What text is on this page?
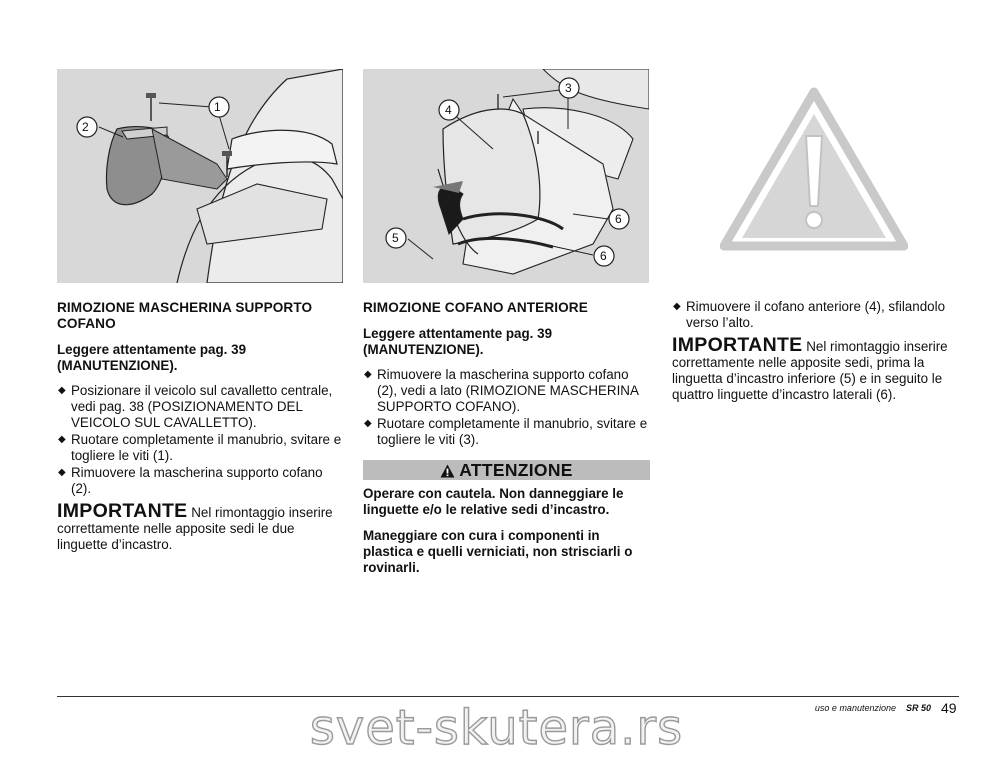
1
2
3
4
5
6
6
RIMOZIONE MASCHERINA SUPPORTO COFANO
Leggere attentamente pag. 39 (MANUTENZIONE).
◆ Posizionare il veicolo sul cavalletto centrale, vedi pag. 38 (POSIZIONAMENTO DEL VEICOLO SUL CAVALLETTO).
◆ Ruotare completamente il manubrio, svitare e togliere le viti (1).
◆ Rimuovere la mascherina supporto cofano (2).
IMPORTANTE Nel rimontaggio inserire correttamente nelle apposite sedi le due linguette d’incastro.
RIMOZIONE COFANO ANTERIORE
Leggere attentamente pag. 39 (MANUTENZIONE).
◆ Rimuovere la mascherina supporto cofano (2), vedi a lato (RIMOZIONE MASCHERINA SUPPORTO COFANO).
◆ Ruotare completamente il manubrio, svitare e togliere le viti (3).
ATTENZIONE

Operare con cautela. Non danneggiare le linguette e/o le relative sedi d’incastro.

Maneggiare con cura i componenti in plastica e quelli verniciati, non strisciarli o rovinarli.

◆ Rimuovere il cofano anteriore (4), sfilandolo verso l’alto.
IMPORTANTE Nel rimontaggio inserire correttamente nelle apposite sedi, prima la linguetta d’incastro inferiore (5) e in seguito le quattro linguette d’incastro laterali (6).
uso e manutenzione SR 50 49
svet-skutera.rs
